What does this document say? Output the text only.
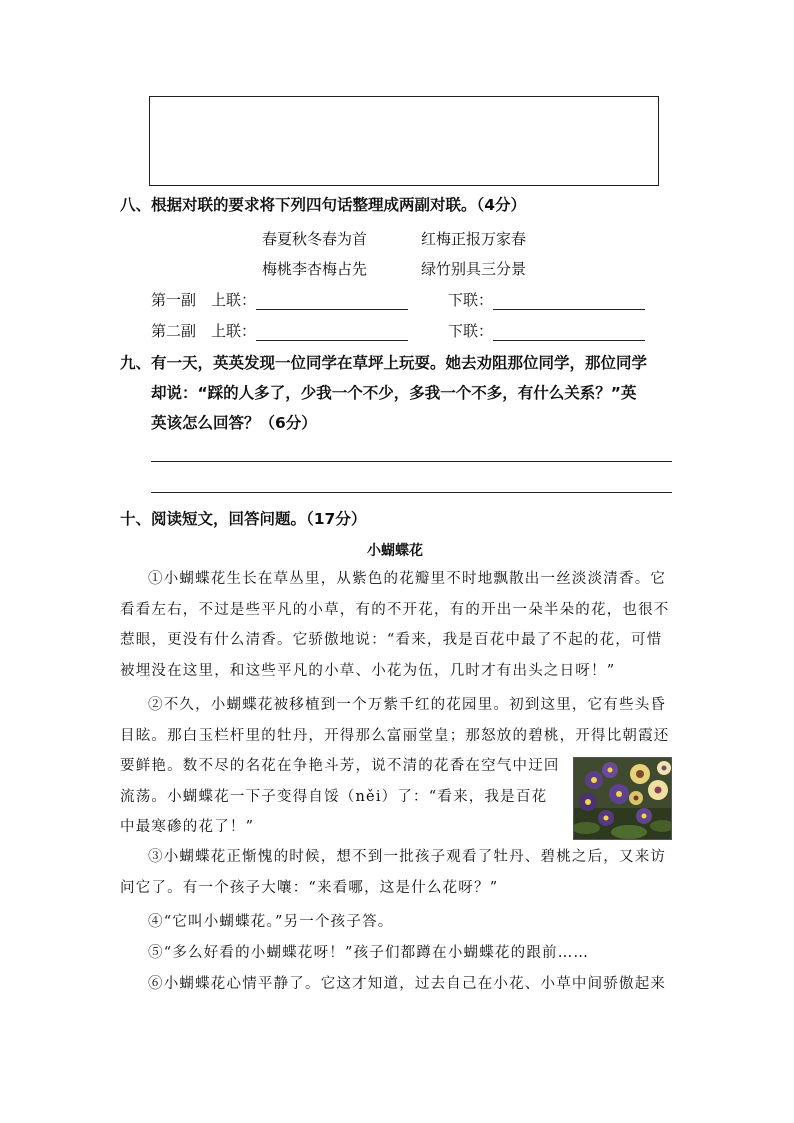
八、根据对联的要求将下列四句话整理成两副对联。（4分）
春夏秋冬春为首	红梅正报万家春
梅桃李杏梅占先	绿竹别具三分景
第一副　上联：	下联：
第二副　上联：	下联：
九、有一天，英英发现一位同学在草坪上玩耍。她去劝阻那位同学，那位同学
却说：“踩的人多了，少我一个不少，多我一个不多，有什么关系？”英
英该怎么回答？（6分）
十、阅读短文，回答问题。（17分）
小蝴蝶花
①小蝴蝶花生长在草丛里，从紫色的花瓣里不时地飘散出一丝淡淡清香。它
看看左右，不过是些平凡的小草，有的不开花，有的开出一朵半朵的花，也很不
惹眼，更没有什么清香。它骄傲地说：“看来，我是百花中最了不起的花，可惜
被埋没在这里，和这些平凡的小草、小花为伍，几时才有出头之日呀！”
②不久，小蝴蝶花被移植到一个万紫千红的花园里。初到这里，它有些头昏
目眩。那白玉栏杆里的牡丹，开得那么富丽堂皇；那怒放的碧桃，开得比朝霞还
要鲜艳。数不尽的名花在争艳斗芳，说不清的花香在空气中迂回
流荡。小蝴蝶花一下子变得自馁（něi）了：“看来，我是百花
中最寒碜的花了！”
③小蝴蝶花正惭愧的时候，想不到一批孩子观看了牡丹、碧桃之后，又来访
问它了。有一个孩子大嚷：“来看哪，这是什么花呀？”
④“它叫小蝴蝶花。”另一个孩子答。
⑤“多么好看的小蝴蝶花呀！”孩子们都蹲在小蝴蝶花的跟前……
⑥小蝴蝶花心情平静了。它这才知道，过去自己在小花、小草中间骄傲起来
